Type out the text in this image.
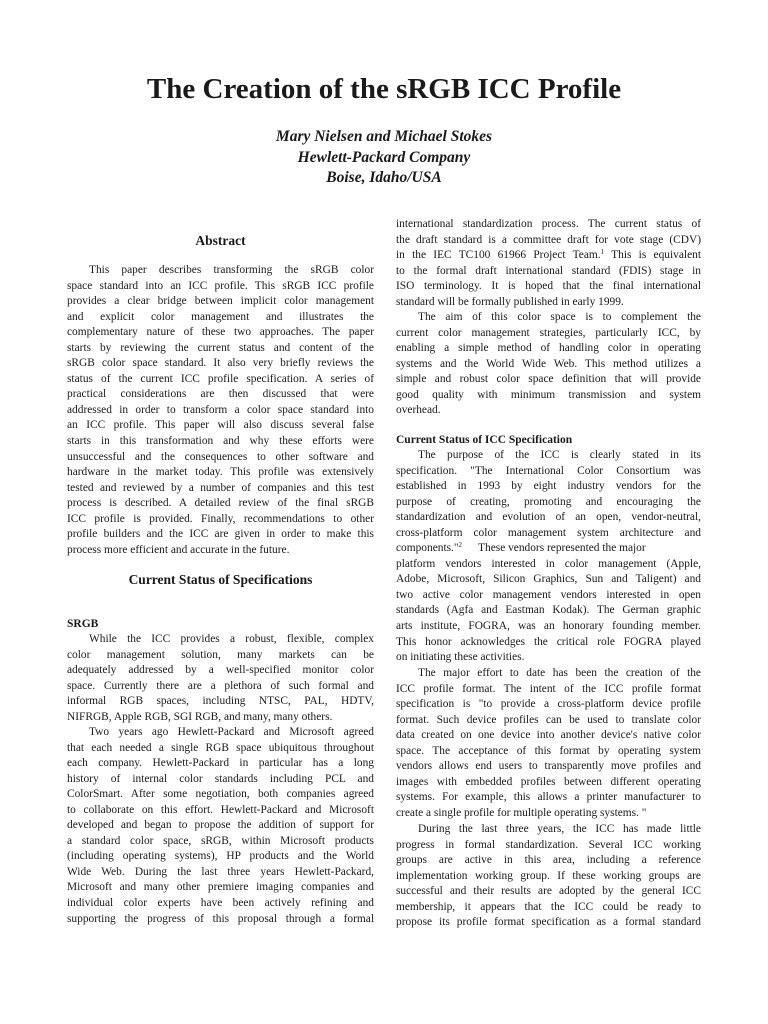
The Creation of the sRGB ICC Profile
Mary Nielsen and Michael Stokes
Hewlett-Packard Company
Boise, Idaho/USA
Abstract
This paper describes transforming the sRGB color
space standard into an ICC profile. This sRGB ICC profile
provides a clear bridge between implicit color management
and explicit color management and illustrates the
complementary nature of these two approaches. The paper
starts by reviewing the current status and content of the
sRGB color space standard. It also very briefly reviews the
status of the current ICC profile specification. A series of
practical considerations are then discussed that were
addressed in order to transform a color space standard into
an ICC profile. This paper will also discuss several false
starts in this transformation and why these efforts were
unsuccessful and the consequences to other software and
hardware in the market today. This profile was extensively
tested and reviewed by a number of companies and this test
process is described. A detailed review of the final sRGB
ICC profile is provided. Finally, recommendations to other
profile builders and the ICC are given in order to make this
process more efficient and accurate in the future.
Current Status of Specifications
SRGB
While the ICC provides a robust, flexible, complex
color management solution, many markets can be
adequately addressed by a well-specified monitor color
space. Currently there are a plethora of such formal and
informal RGB spaces, including NTSC, PAL, HDTV,
NIFRGB, Apple RGB, SGI RGB, and many, many others.
Two years ago Hewlett-Packard and Microsoft agreed
that each needed a single RGB space ubiquitous throughout
each company. Hewlett-Packard in particular has a long
history of internal color standards including PCL and
ColorSmart. After some negotiation, both companies agreed
to collaborate on this effort. Hewlett-Packard and Microsoft
developed and began to propose the addition of support for
a standard color space, sRGB, within Microsoft products
(including operating systems), HP products and the World
Wide Web. During the last three years Hewlett-Packard,
Microsoft and many other premiere imaging companies and
individual color experts have been actively refining and
supporting the progress of this proposal through a formal
international standardization process. The current status of
the draft standard is a committee draft for vote stage (CDV)
in the IEC TC100 61966 Project Team.$^1$ This is equivalent
to the formal draft international standard (FDIS) stage in
ISO terminology. It is hoped that the final international
standard will be formally published in early 1999.
The aim of this color space is to complement the
current color management strategies, particularly ICC, by
enabling a simple method of handling color in operating
systems and the World Wide Web. This method utilizes a
simple and robust color space definition that will provide
good quality with minimum transmission and system
overhead.
Current Status of ICC Specification
The purpose of the ICC is clearly stated in its
specification. "The International Color Consortium was
established in 1993 by eight industry vendors for the
purpose of creating, promoting and encouraging the
standardization and evolution of an open, vendor-neutral,
cross-platform color management system architecture and
components."$^2$ These vendors represented the major
platform vendors interested in color management (Apple,
Adobe, Microsoft, Silicon Graphics, Sun and Taligent) and
two active color management vendors interested in open
standards (Agfa and Eastman Kodak). The German graphic
arts institute, FOGRA, was an honorary founding member.
This honor acknowledges the critical role FOGRA played
on initiating these activities.
The major effort to date has been the creation of the
ICC profile format. The intent of the ICC profile format
specification is "to provide a cross-platform device profile
format. Such device profiles can be used to translate color
data created on one device into another device's native color
space. The acceptance of this format by operating system
vendors allows end users to transparently move profiles and
images with embedded profiles between different operating
systems. For example, this allows a printer manufacturer to
create a single profile for multiple operating systems. "
During the last three years, the ICC has made little
progress in formal standardization. Several ICC working
groups are active in this area, including a reference
implementation working group. If these working groups are
successful and their results are adopted by the general ICC
membership, it appears that the ICC could be ready to
propose its profile format specification as a formal standard
